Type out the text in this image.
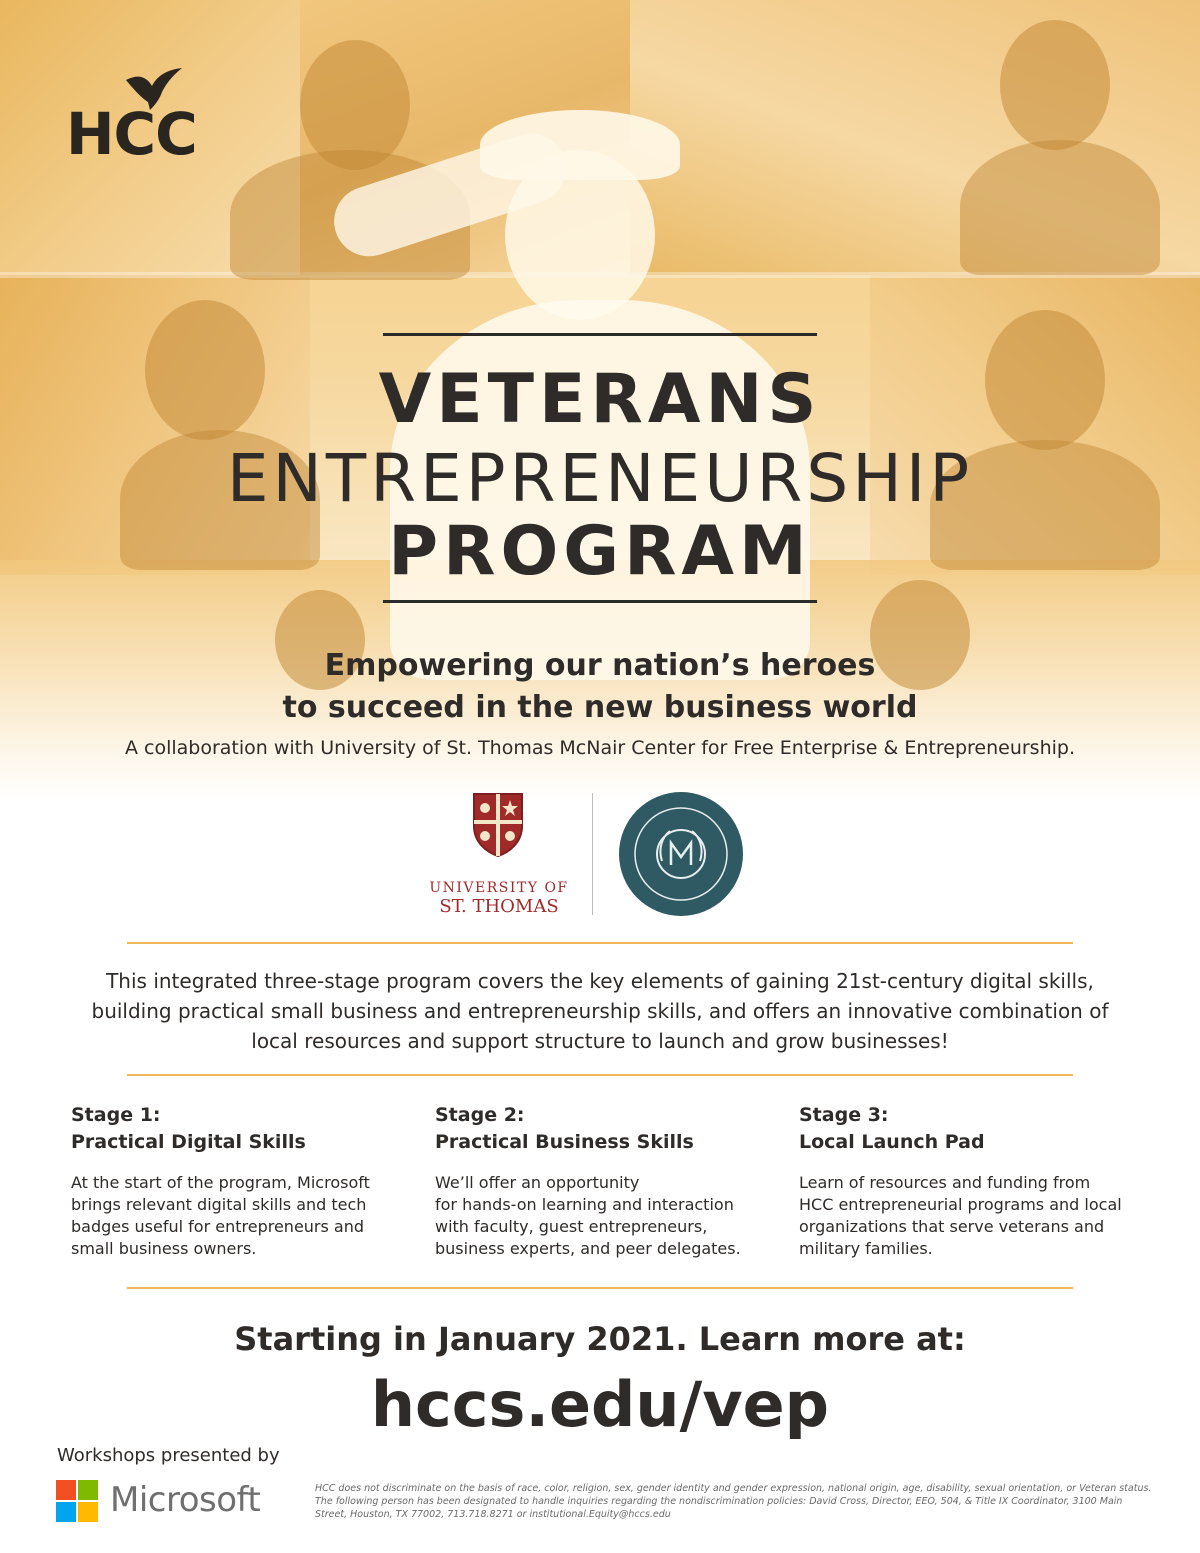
HCC
VETERANS
ENTREPRENEURSHIP
PROGRAM
Empowering our nation’s heroes
to succeed in the new business world
A collaboration with University of St. Thomas McNair Center for Free Enterprise & Entrepreneurship.
UNIVERSITY OF
ST. THOMAS
This integrated three-stage program covers the key elements of gaining 21st-century digital skills, building practical small business and entrepreneurship skills, and offers an innovative combination of local resources and support structure to launch and grow businesses!
Stage 1:
Practical Digital Skills
At the start of the program, Microsoft
brings relevant digital skills and tech
badges useful for entrepreneurs and
small business owners.
Stage 2:
Practical Business Skills
We’ll offer an opportunity
for hands-on learning and interaction
with faculty, guest entrepreneurs,
business experts, and peer delegates.
Stage 3:
Local Launch Pad
Learn of resources and funding from
HCC entrepreneurial programs and local
organizations that serve veterans and
military families.
Starting in January 2021. Learn more at:
hccs.edu/vep
Workshops presented by
Microsoft	HCC does not discriminate on the basis of race, color, religion, sex, gender identity and gender expression, national origin, age, disability, sexual orientation, or Veteran status. The following person has been designated to handle inquiries regarding the nondiscrimination policies: David Cross, Director, EEO, 504, & Title IX Coordinator, 3100 Main Street, Houston, TX 77002, 713.718.8271 or institutional.Equity@hccs.edu
